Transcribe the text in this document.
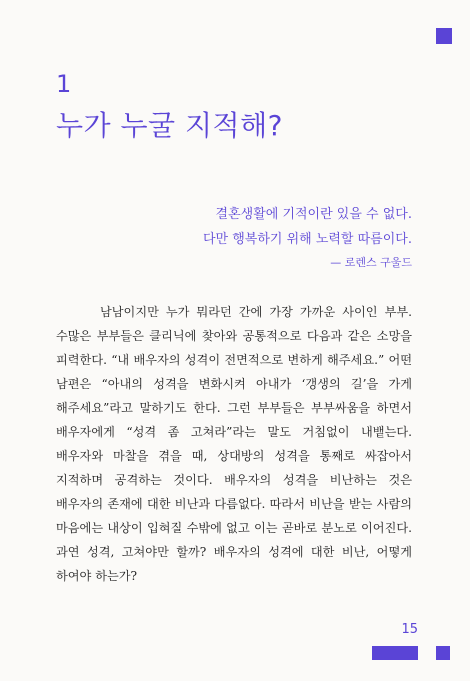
1
누가 누굴 지적해?
결혼생활에 기적이란 있을 수 없다.
다만 행복하기 위해 노력할 따름이다.
— 로렌스 구울드

남남이지만 누가 뭐라던 간에 가장 가까운 사이인 부부. 수많은 부부들은 클리닉에 찾아와 공통적으로 다음과 같은 소망을 피력한다. “내 배우자의 성격이 전면적으로 변하게 해주세요.” 어떤 남편은 “아내의 성격을 변화시켜 아내가 ‘갱생의 길’을 가게 해주세요”라고 말하기도 한다. 그런 부부들은 부부싸움을 하면서 배우자에게 “성격 좀 고쳐라”라는 말도 거침없이 내뱉는다. 배우자와 마찰을 겪을 때, 상대방의 성격을 통째로 싸잡아서 지적하며 공격하는 것이다. 배우자의 성격을 비난하는 것은 배우자의 존재에 대한 비난과 다름없다. 따라서 비난을 받는 사람의 마음에는 내상이 입혀질 수밖에 없고 이는 곧바로 분노로 이어진다. 과연 성격, 고쳐야만 할까? 배우자의 성격에 대한 비난, 어떻게 하여야 하는가?

15
